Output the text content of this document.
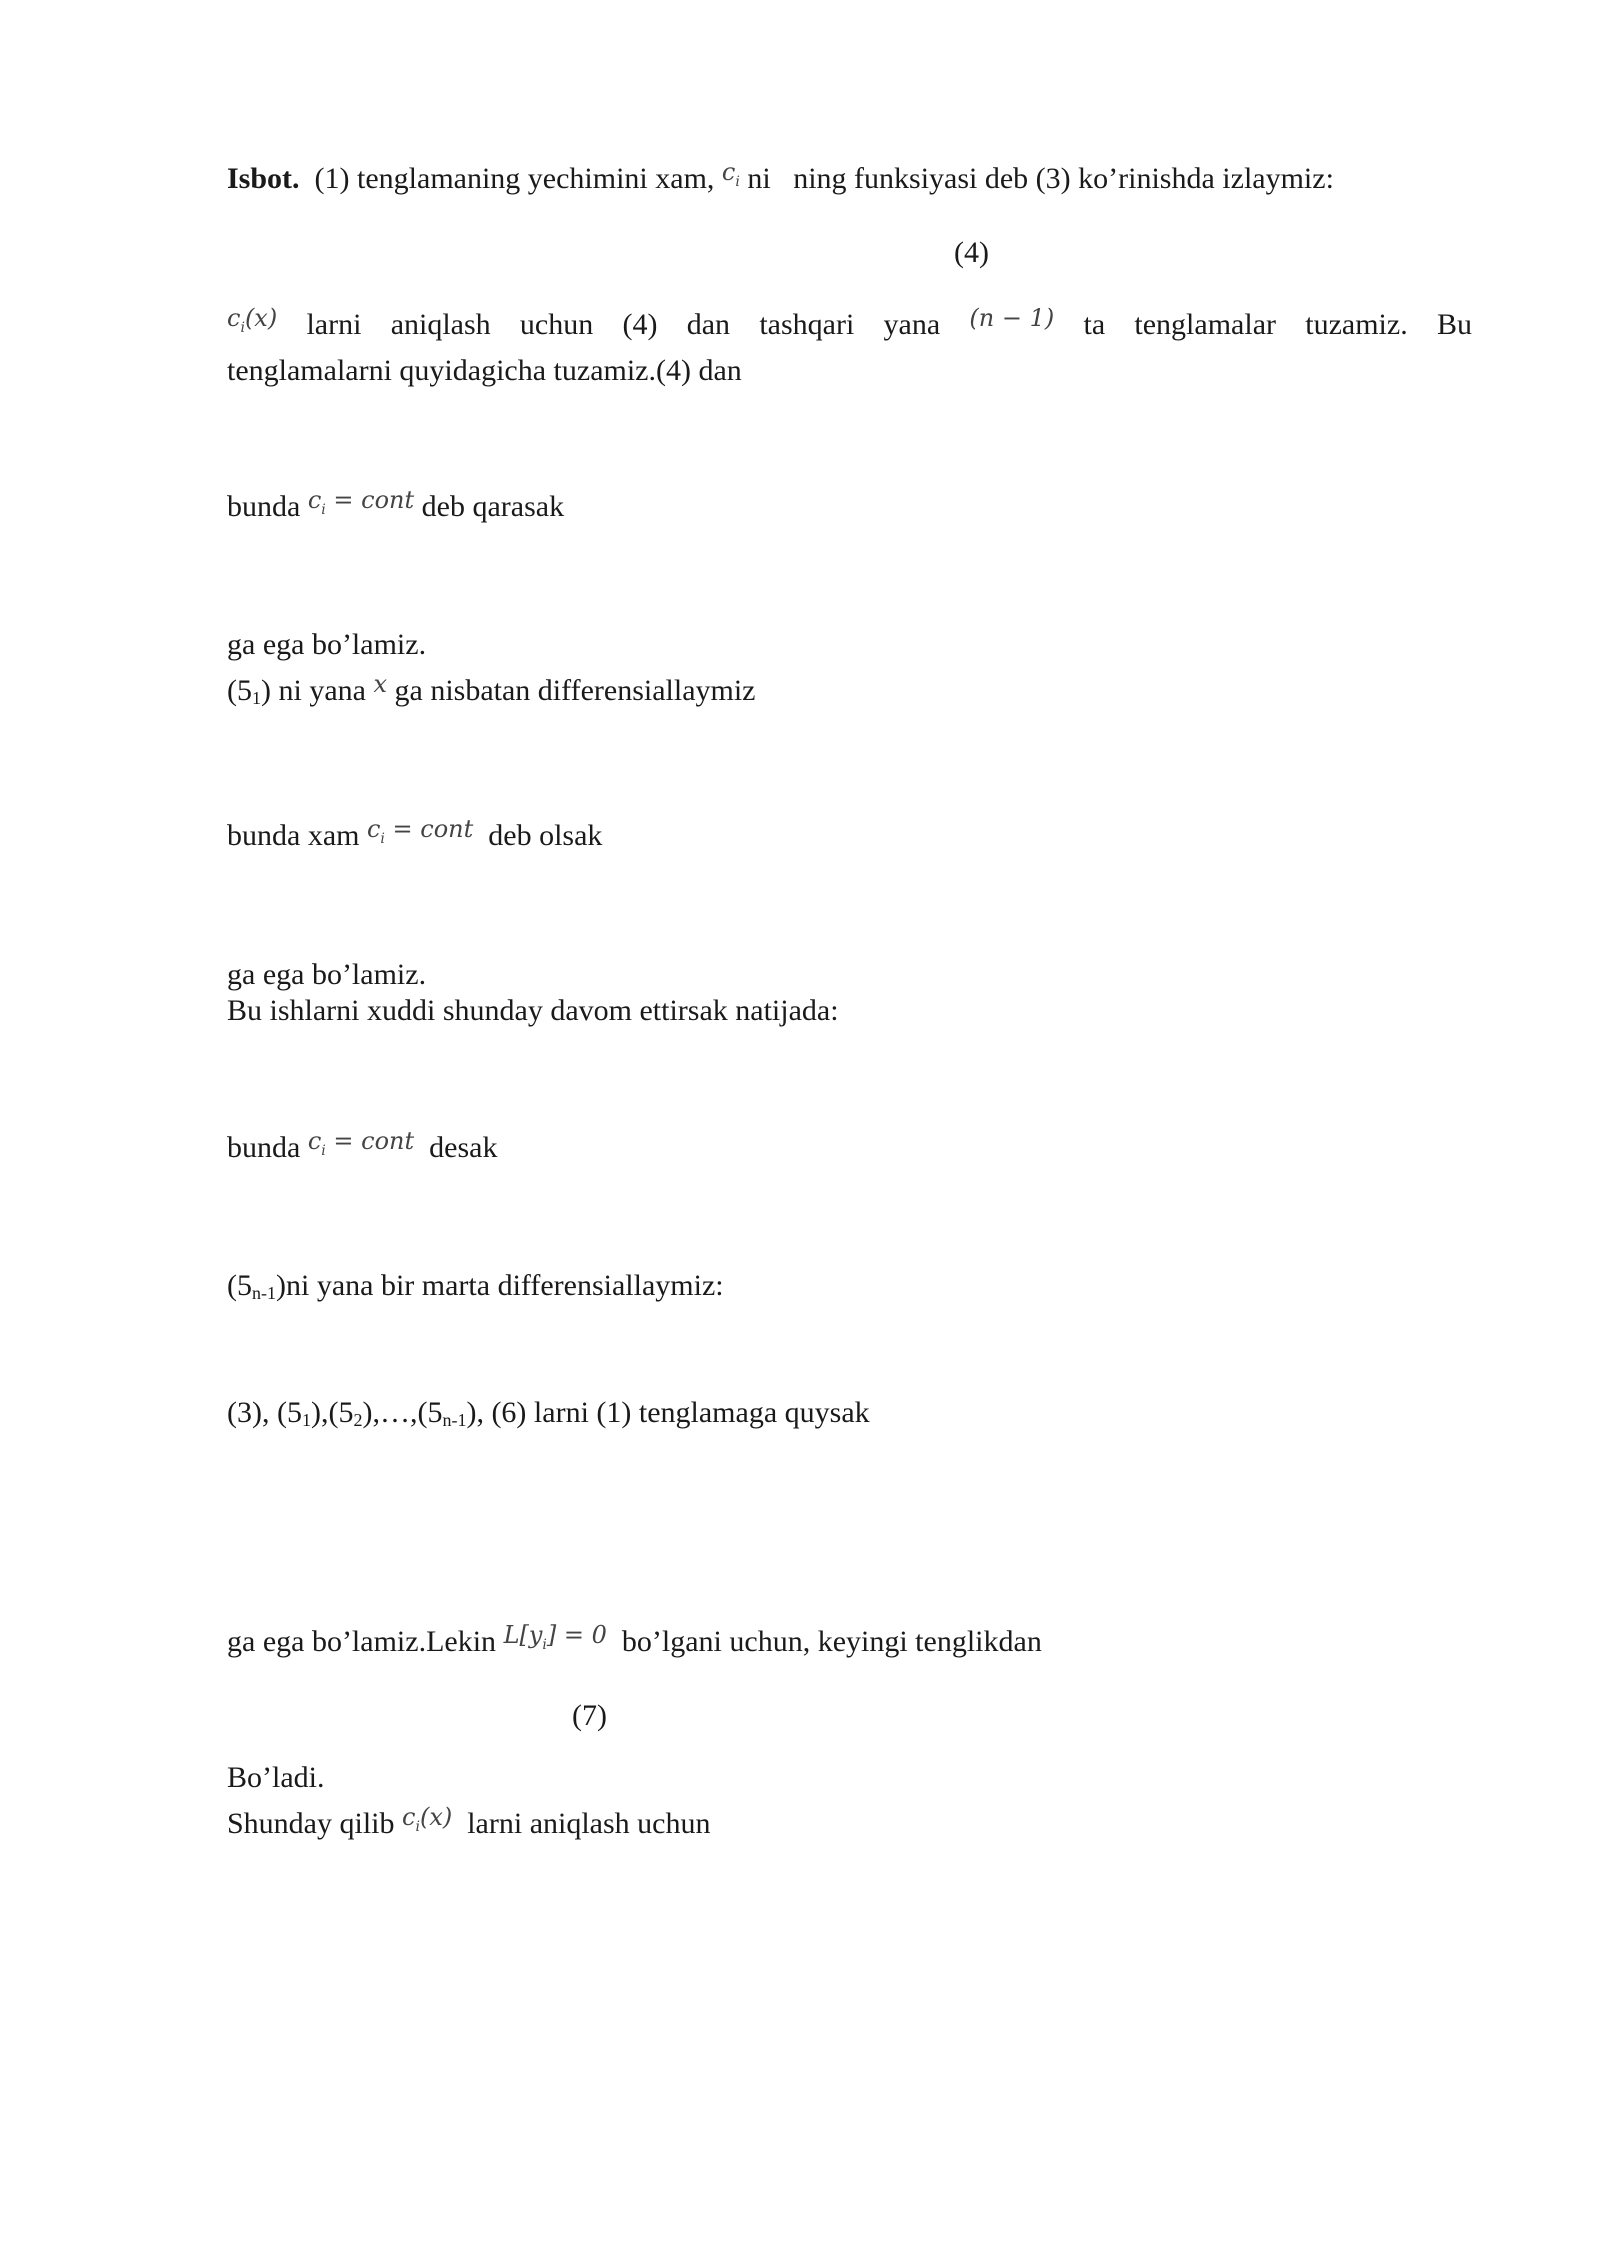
Isbot. (1) tenglamaning yechimini xam, $^{c_i}$ ni ning funksiyasi deb (3) ko’rinishda izlaymiz:
(4)
$c_i(x)$ larni aniqlash uchun (4) dan tashqari yana (n − 1) ta tenglamalar tuzamiz. Bu
tenglamalarni quyidagicha tuzamiz.(4) dan
bunda $^{c_i = cont}$ deb qarasak
ga ega bo’lamiz.
(51) ni yana $^x$ ga nisbatan differensiallaymiz
bunda xam $^{c_i = cont}$ deb olsak
ga ega bo’lamiz.
Bu ishlarni xuddi shunday davom ettirsak natijada:
bunda $^{c_i = cont}$ desak
(5n-1)ni yana bir marta differensiallaymiz:
(3), (51),(52),…,(5n-1), (6) larni (1) tenglamaga quysak
ga ega bo’lamiz.Lekin $^{L[y_i] = 0}$ bo’lgani uchun, keyingi tenglikdan
(7)
Bo’ladi.
Shunday qilib $^{c_i(x)}$ larni aniqlash uchun
